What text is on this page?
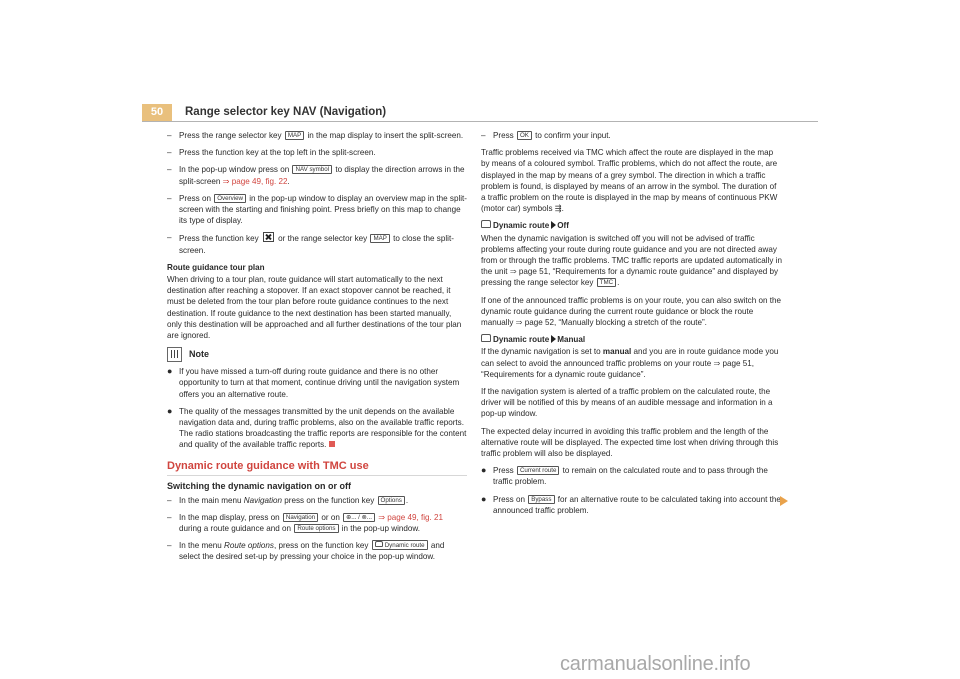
50	Range selector key NAV (Navigation)
– Press the range selector key MAP in the map display to insert the split-screen.
– Press the function key at the top left in the split-screen.
– In the pop-up window press on NAV symbol to display the direction arrows in the split-screen ⇒ page 49, fig. 22.
– Press on Overview in the pop-up window to display an overview map in the split-screen with the starting and finishing point. Press briefly on this map to change its type of display.
– Press the function key or the range selector key MAP to close the split-screen.
Route guidance tour plan

When driving to a tour plan, route guidance will start automatically to the next destination after reaching a stopover. If an exact stopover cannot be reached, it must be deleted from the tour plan before route guidance continues to the next destination. If route guidance to the next destination has been started manually, only this destination will be approached and all further destinations of the tour plan are ignored.

Note
● If you have missed a turn-off during route guidance and there is no other opportunity to turn at that moment, continue driving until the navigation system offers you an alternative route.
● The quality of the messages transmitted by the unit depends on the available navigation data and, during traffic problems, also on the available traffic reports. The radio stations broadcasting the traffic reports are responsible for the content and quality of the available traffic reports.
Dynamic route guidance with TMC use
Switching the dynamic navigation on or off
– In the main menu Navigation press on the function key Options .
– In the map display, press on Navigation or on ⊕... / ⊗... ⇒ page 49, fig. 21 during a route guidance and on Route options in the pop-up window.
– In the menu Route options, press on the function key	Dynamic route and select the desired set-up by pressing your choice in the pop-up window.
– Press OK to confirm your input.

Traffic problems received via TMC which affect the route are displayed in the map by means of a coloured symbol. Traffic problems, which do not affect the route, are displayed in the map by means of a grey symbol. The direction in which a traffic problem is found, is displayed by means of an arrow in the symbol. The duration of a traffic problem on the route is displayed in the map by means of continuous PKW (motor car) symbols ⇶.

Dynamic route Off

When the dynamic navigation is switched off you will not be advised of traffic problems affecting your route during route guidance and you are not directed away from or through the traffic problems. TMC traffic reports are updated automatically in the unit ⇒ page 51, “Requirements for a dynamic route guidance” and displayed by pressing the range selector key TMC .

If one of the announced traffic problems is on your route, you can also switch on the dynamic route guidance during the current route guidance or block the route manually ⇒ page 52, “Manually blocking a stretch of the route”.

Dynamic route Manual

If the dynamic navigation is set to manual and you are in route guidance mode you can select to avoid the announced traffic problems on your route ⇒ page 51, “Requirements for a dynamic route guidance”.

If the navigation system is alerted of a traffic problem on the calculated route, the driver will be notified of this by means of an audible message and information in a pop-up window.

The expected delay incurred in avoiding this traffic problem and the length of the alternative route will be displayed. The expected time lost when driving through this traffic problem will also be displayed.

● Press Current route to remain on the calculated route and to pass through the traffic problem.
● Press on Bypass for an alternative route to be calculated taking into account the announced traffic problem.
carmanualsonline.info
